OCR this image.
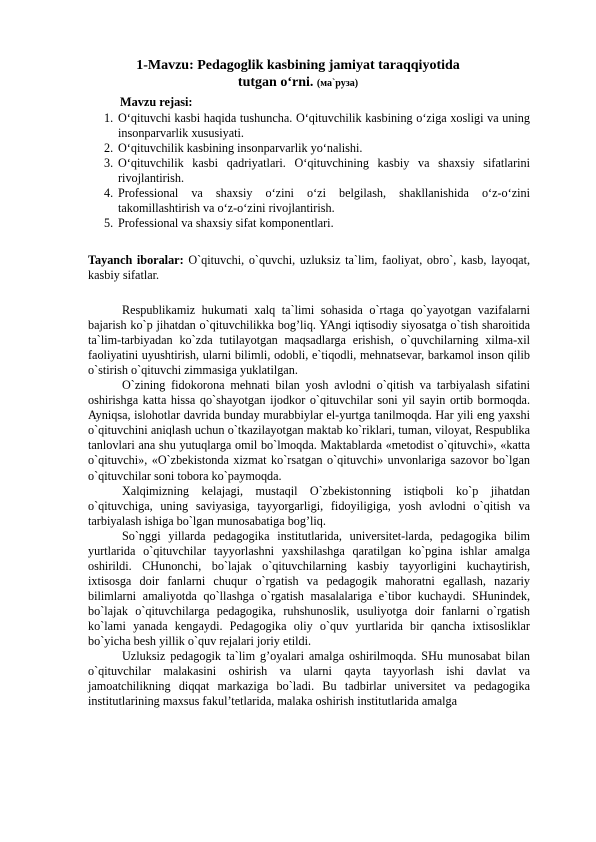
1-Mavzu: Pedagoglik kasbining jamiyat taraqqiyotida
tutgan o‘rni. (ма`руза)
Mavzu rejasi:
1. O‘qituvchi kasbi haqida tushuncha. O‘qituvchilik kasbining o‘ziga xosligi va uning insonparvarlik xususiyati.
2. O‘qituvchilik kasbining insonparvarlik yo‘nalishi.
3. O‘qituvchilik kasbi qadriyatlari. O‘qituvchining kasbiy va shaxsiy sifatlarini rivojlantirish.
4. Professional va shaxsiy o‘zini o‘zi belgilash, shakllanishida o‘z-o‘zini takomillashtirish va o‘z-o‘zini rivojlantirish.
5. Professional va shaxsiy sifat komponentlari.
Tayanch iboralar: O`qituvchi, o`quvchi, uzluksiz ta`lim, faoliyat, obro`, kasb, layoqat, kasbiy sifatlar.

Respublikamiz hukumati xalq ta`limi sohasida o`rtaga qo`yayotgan vazifalarni bajarish ko`p jihatdan o`qituvchilikka bog’liq. YAngi iqtisodiy siyosatga o`tish sharoitida ta`lim-tarbiyadan ko`zda tutilayotgan maqsadlarga erishish, o`quvchilarning xilma-xil faoliyatini uyushtirish, ularni bilimli, odobli, e`tiqodli, mehnatsevar, barkamol inson qilib o`stirish o`qituvchi zimmasiga yuklatilgan.

O`zining fidokorona mehnati bilan yosh avlodni o`qitish va tarbiyalash sifatini oshirishga katta hissa qo`shayotgan ijodkor o`qituvchilar soni yil sayin ortib bormoqda. Ayniqsa, islohotlar davrida bunday murabbiylar el-yurtga tanilmoqda. Har yili eng yaxshi o`qituvchini aniqlash uchun o`tkazilayotgan maktab ko`riklari, tuman, viloyat, Respublika tanlovlari ana shu yutuqlarga omil bo`lmoqda. Maktablarda «metodist o`qituvchi», «katta o`qituvchi», «O`zbekistonda xizmat ko`rsatgan o`qituvchi» unvonlariga sazovor bo`lgan o`qituvchilar soni tobora ko`paymoqda.

Xalqimizning kelajagi, mustaqil O`zbekistonning istiqboli ko`p jihatdan o`qituvchiga, uning saviyasiga, tayyorgarligi, fidoyiligiga, yosh avlodni o`qitish va tarbiyalash ishiga bo`lgan munosabatiga bog’liq.

So`nggi yillarda pedagogika institutlarida, universitet-larda, pedagogika bilim yurtlarida o`qituvchilar tayyorlashni yaxshilashga qaratilgan ko`pgina ishlar amalga oshirildi. CHunonchi, bo`lajak o`qituvchilarning kasbiy tayyorligini kuchaytirish, ixtisosga doir fanlarni chuqur o`rgatish va pedagogik mahoratni egallash, nazariy bilimlarni amaliyotda qo`llashga o`rgatish masalalariga e`tibor kuchaydi. SHunindek, bo`lajak o`qituvchilarga pedagogika, ruhshunoslik, usuliyotga doir fanlarni o`rgatish ko`lami yanada kengaydi. Pedagogika oliy o`quv yurtlarida bir qancha ixtisosliklar bo`yicha besh yillik o`quv rejalari joriy etildi.

Uzluksiz pedagogik ta`lim g’oyalari amalga oshirilmoqda. SHu munosabat bilan o`qituvchilar malakasini oshirish va ularni qayta tayyorlash ishi davlat va jamoatchilikning diqqat markaziga bo`ladi. Bu tadbirlar universitet va pedagogika institutlarining maxsus fakul’tetlarida, malaka oshirish institutlarida amalga
